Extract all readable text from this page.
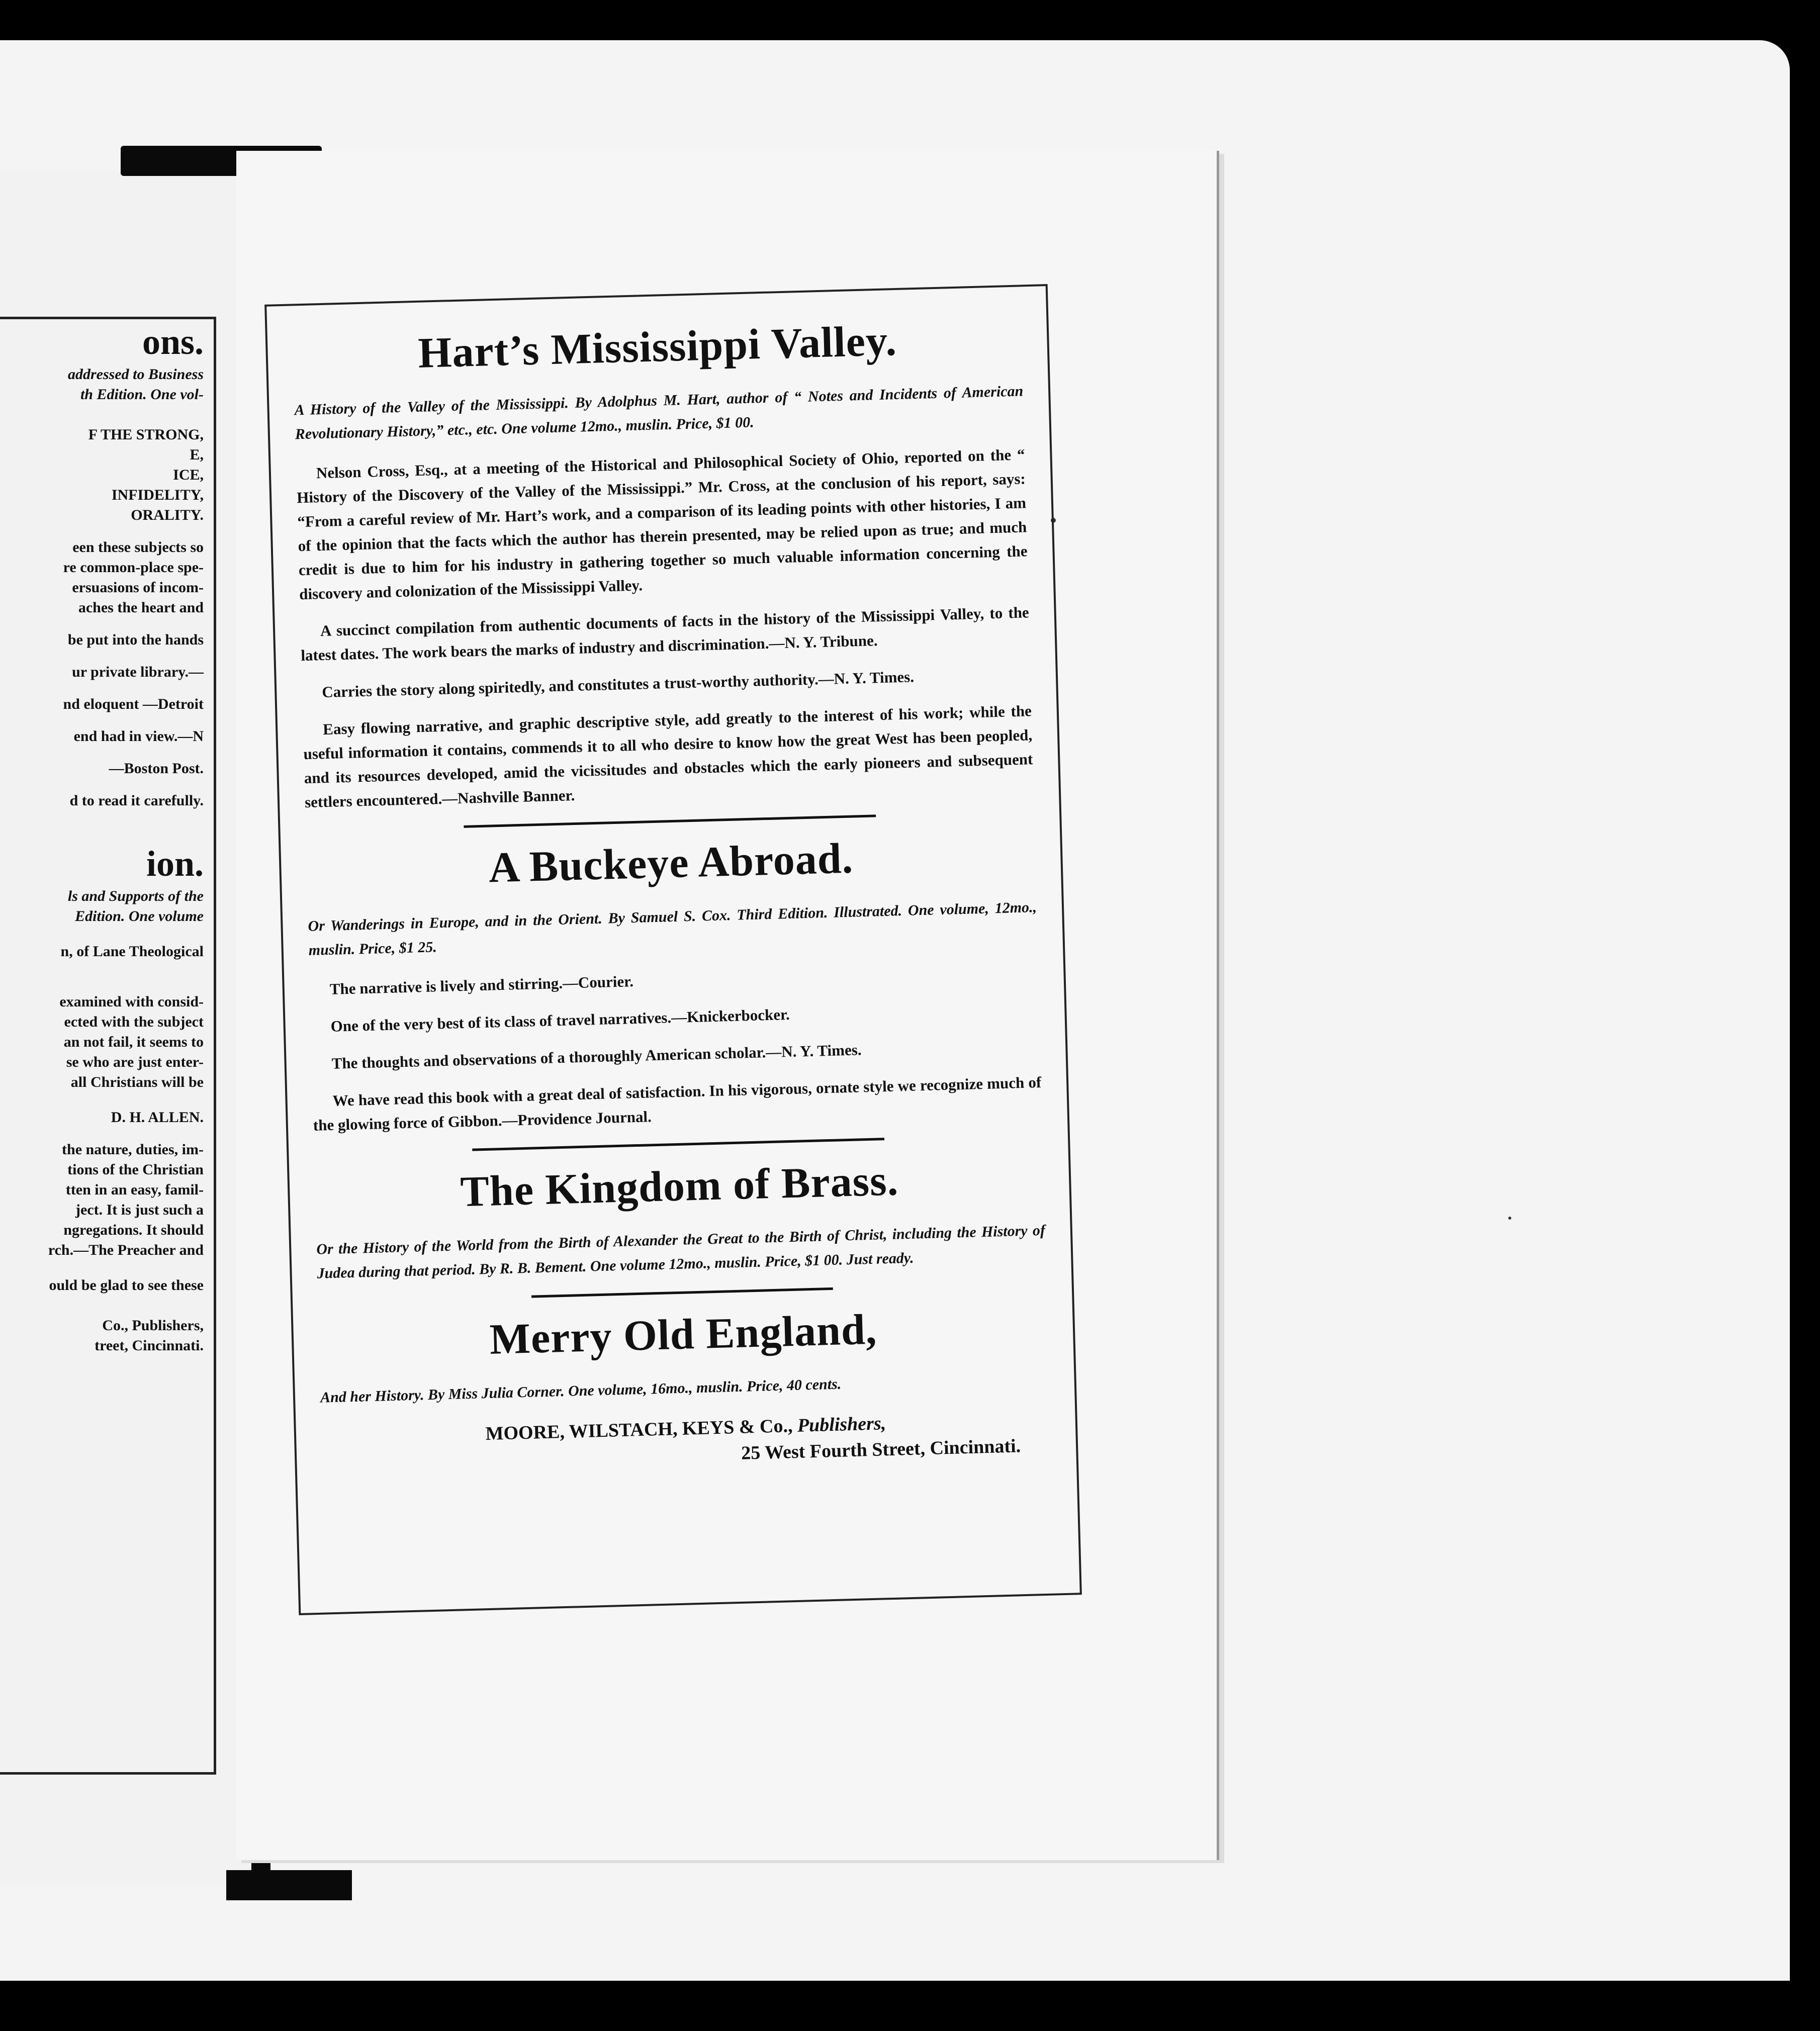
ons.
addressed to Business
th Edition. One vol-
F THE STRONG,
E,
ICE,
INFIDELITY,
ORALITY.
een these subjects so
re common-place spe-
ersuasions of incom-
aches the heart and
be put into the hands
ur private library.—
nd eloquent —Detroit
end had in view.—N
—Boston Post.
d to read it carefully.
ion.
ls and Supports of the
Edition. One volume
n, of Lane Theological
examined with consid-
ected with the subject
an not fail, it seems to
se who are just enter-
all Christians will be
D. H. ALLEN.
the nature, duties, im-
tions of the Christian
tten in an easy, famil-
ject. It is just such a
ngregations. It should
rch.—The Preacher and
ould be glad to see these
Co., Publishers,
treet, Cincinnati.
Hart’s Mississippi Valley.

A History of the Valley of the Mississippi. By Adolphus M. Hart, author of “ Notes and Incidents of American Revolutionary History,” etc., etc. One volume 12mo., muslin. Price, $1 00.

Nelson Cross, Esq., at a meeting of the Historical and Philosophical Society of Ohio, reported on the “ History of the Discovery of the Valley of the Mississippi.” Mr. Cross, at the conclusion of his report, says: “From a careful review of Mr. Hart’s work, and a comparison of its leading points with other histories, I am of the opinion that the facts which the author has therein presented, may be relied upon as true; and much credit is due to him for his industry in gathering together so much valuable information concerning the discovery and colonization of the Mississippi Valley.

A succinct compilation from authentic documents of facts in the history of the Mississippi Valley, to the latest dates. The work bears the marks of industry and discrimination.—N. Y. Tribune.

Carries the story along spiritedly, and constitutes a trust-worthy authority.—N. Y. Times.

Easy flowing narrative, and graphic descriptive style, add greatly to the interest of his work; while the useful information it contains, commends it to all who desire to know how the great West has been peopled, and its resources developed, amid the vicissitudes and obstacles which the early pioneers and subsequent settlers encountered.—Nashville Banner.

A Buckeye Abroad.

Or Wanderings in Europe, and in the Orient. By Samuel S. Cox. Third Edition. Illustrated. One volume, 12mo., muslin. Price, $1 25.

The narrative is lively and stirring.—Courier.

One of the very best of its class of travel narratives.—Knickerbocker.

The thoughts and observations of a thoroughly American scholar.—N. Y. Times.

We have read this book with a great deal of satisfaction. In his vigorous, ornate style we recognize much of the glowing force of Gibbon.—Providence Journal.

The Kingdom of Brass.

Or the History of the World from the Birth of Alexander the Great to the Birth of Christ, including the History of Judea during that period. By R. B. Bement. One volume 12mo., muslin. Price, $1 00. Just ready.

Merry Old England,

And her History. By Miss Julia Corner. One volume, 16mo., muslin. Price, 40 cents.

MOORE, WILSTACH, KEYS & Co., Publishers,
25 West Fourth Street, Cincinnati.
